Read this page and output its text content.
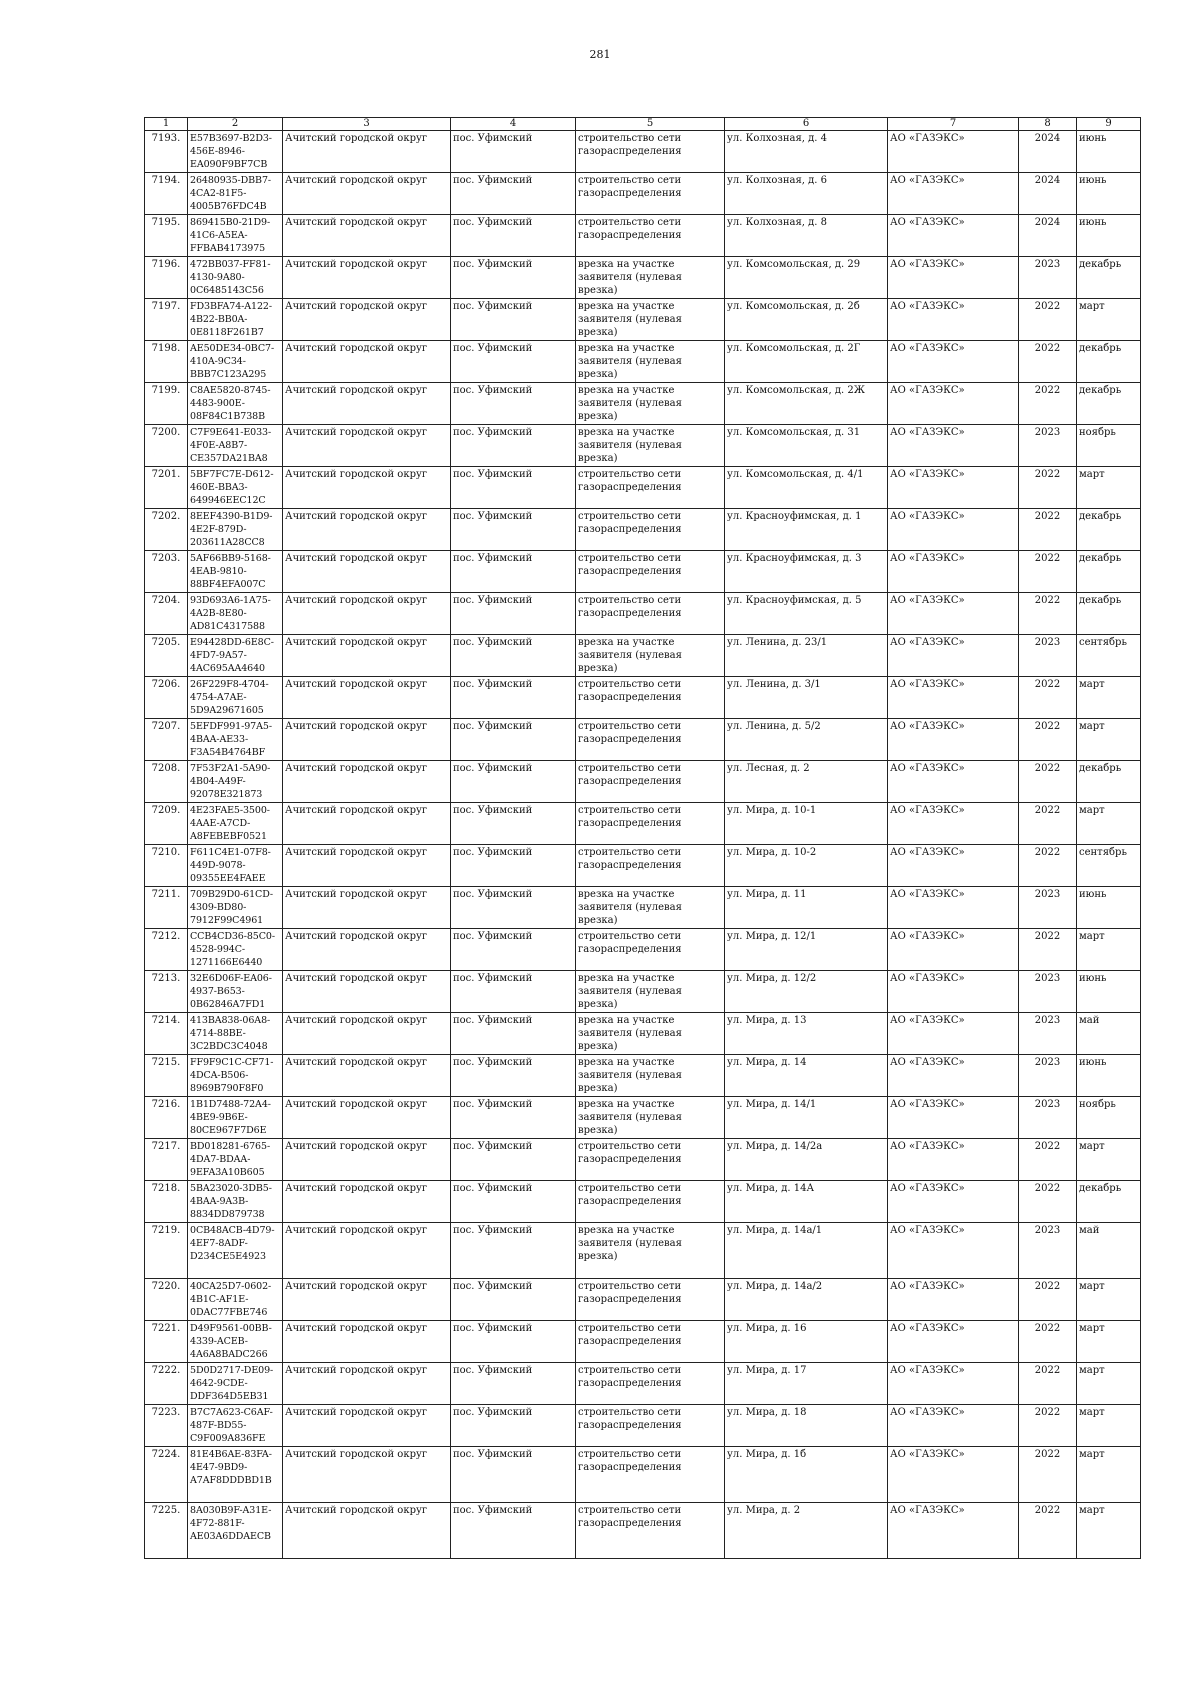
281
1	2	3	4	5	6	7	8	9
7193.	E57B3697-B2D3-456E-8946-EA090F9BF7CB	Ачитский городской округ	пос. Уфимский	строительство сети газораспределения	ул. Колхозная, д. 4	АО «ГАЗЭКС»	2024	июнь
7194.	26480935-DBB7-4CA2-81F5-4005B76FDC4B	Ачитский городской округ	пос. Уфимский	строительство сети газораспределения	ул. Колхозная, д. 6	АО «ГАЗЭКС»	2024	июнь
7195.	869415B0-21D9-41C6-A5EA-FFBAB4173975	Ачитский городской округ	пос. Уфимский	строительство сети газораспределения	ул. Колхозная, д. 8	АО «ГАЗЭКС»	2024	июнь
7196.	472BB037-FF81-4130-9A80-0C6485143C56	Ачитский городской округ	пос. Уфимский	врезка на участке заявителя (нулевая врезка)	ул. Комсомольская, д. 29	АО «ГАЗЭКС»	2023	декабрь
7197.	FD3BFA74-A122-4B22-BB0A-0E8118F261B7	Ачитский городской округ	пос. Уфимский	врезка на участке заявителя (нулевая врезка)	ул. Комсомольская, д. 2б	АО «ГАЗЭКС»	2022	март
7198.	AE50DE34-0BC7-410A-9C34-BBB7C123A295	Ачитский городской округ	пос. Уфимский	врезка на участке заявителя (нулевая врезка)	ул. Комсомольская, д. 2Г	АО «ГАЗЭКС»	2022	декабрь
7199.	C8AE5820-8745-4483-900E-08F84C1B738B	Ачитский городской округ	пос. Уфимский	врезка на участке заявителя (нулевая врезка)	ул. Комсомольская, д. 2Ж	АО «ГАЗЭКС»	2022	декабрь
7200.	C7F9E641-E033-4F0E-A8B7-CE357DA21BA8	Ачитский городской округ	пос. Уфимский	врезка на участке заявителя (нулевая врезка)	ул. Комсомольская, д. 31	АО «ГАЗЭКС»	2023	ноябрь
7201.	5BF7FC7E-D612-460E-BBA3-649946EEC12C	Ачитский городской округ	пос. Уфимский	строительство сети газораспределения	ул. Комсомольская, д. 4/1	АО «ГАЗЭКС»	2022	март
7202.	8EEF4390-B1D9-4E2F-879D-203611A28CC8	Ачитский городской округ	пос. Уфимский	строительство сети газораспределения	ул. Красноуфимская, д. 1	АО «ГАЗЭКС»	2022	декабрь
7203.	5AF66BB9-5168-4EAB-9810-88BF4EFA007C	Ачитский городской округ	пос. Уфимский	строительство сети газораспределения	ул. Красноуфимская, д. 3	АО «ГАЗЭКС»	2022	декабрь
7204.	93D693A6-1A75-4A2B-8E80-AD81C4317588	Ачитский городской округ	пос. Уфимский	строительство сети газораспределения	ул. Красноуфимская, д. 5	АО «ГАЗЭКС»	2022	декабрь
7205.	E94428DD-6E8C-4FD7-9A57-4AC695AA4640	Ачитский городской округ	пос. Уфимский	врезка на участке заявителя (нулевая врезка)	ул. Ленина, д. 23/1	АО «ГАЗЭКС»	2023	сентябрь
7206.	26F229F8-4704-4754-A7AE-5D9A29671605	Ачитский городской округ	пос. Уфимский	строительство сети газораспределения	ул. Ленина, д. 3/1	АО «ГАЗЭКС»	2022	март
7207.	5EFDF991-97A5-4BAA-AE33-F3A54B4764BF	Ачитский городской округ	пос. Уфимский	строительство сети газораспределения	ул. Ленина, д. 5/2	АО «ГАЗЭКС»	2022	март
7208.	7F53F2A1-5A90-4B04-A49F-92078E321873	Ачитский городской округ	пос. Уфимский	строительство сети газораспределения	ул. Лесная, д. 2	АО «ГАЗЭКС»	2022	декабрь
7209.	4E23FAE5-3500-4AAE-A7CD-A8FEBEBF0521	Ачитский городской округ	пос. Уфимский	строительство сети газораспределения	ул. Мира, д. 10-1	АО «ГАЗЭКС»	2022	март
7210.	F611C4E1-07F8-449D-9078-09355EE4FAEE	Ачитский городской округ	пос. Уфимский	строительство сети газораспределения	ул. Мира, д. 10-2	АО «ГАЗЭКС»	2022	сентябрь
7211.	709B29D0-61CD-4309-BD80-7912F99C4961	Ачитский городской округ	пос. Уфимский	врезка на участке заявителя (нулевая врезка)	ул. Мира, д. 11	АО «ГАЗЭКС»	2023	июнь
7212.	CCB4CD36-85C0-4528-994C-1271166E6440	Ачитский городской округ	пос. Уфимский	строительство сети газораспределения	ул. Мира, д. 12/1	АО «ГАЗЭКС»	2022	март
7213.	32E6D06F-EA06-4937-B653-0B62846A7FD1	Ачитский городской округ	пос. Уфимский	врезка на участке заявителя (нулевая врезка)	ул. Мира, д. 12/2	АО «ГАЗЭКС»	2023	июнь
7214.	413BA838-06A8-4714-88BE-3C2BDC3C4048	Ачитский городской округ	пос. Уфимский	врезка на участке заявителя (нулевая врезка)	ул. Мира, д. 13	АО «ГАЗЭКС»	2023	май
7215.	FF9F9C1C-CF71-4DCA-B506-8969B790F8F0	Ачитский городской округ	пос. Уфимский	врезка на участке заявителя (нулевая врезка)	ул. Мира, д. 14	АО «ГАЗЭКС»	2023	июнь
7216.	1B1D7488-72A4-4BE9-9B6E-80CE967F7D6E	Ачитский городской округ	пос. Уфимский	врезка на участке заявителя (нулевая врезка)	ул. Мира, д. 14/1	АО «ГАЗЭКС»	2023	ноябрь
7217.	BD018281-6765-4DA7-BDAA-9EFA3A10B605	Ачитский городской округ	пос. Уфимский	строительство сети газораспределения	ул. Мира, д. 14/2а	АО «ГАЗЭКС»	2022	март
7218.	5BA23020-3DB5-4BAA-9A3B-8834DD879738	Ачитский городской округ	пос. Уфимский	строительство сети газораспределения	ул. Мира, д. 14А	АО «ГАЗЭКС»	2022	декабрь
7219.	0CB48ACB-4D79-4EF7-8ADF-D234CE5E4923	Ачитский городской округ	пос. Уфимский	врезка на участке заявителя (нулевая врезка)	ул. Мира, д. 14а/1	АО «ГАЗЭКС»	2023	май
7220.	40CA25D7-0602-4B1C-AF1E-0DAC77FBE746	Ачитский городской округ	пос. Уфимский	строительство сети газораспределения	ул. Мира, д. 14а/2	АО «ГАЗЭКС»	2022	март
7221.	D49F9561-00BB-4339-ACEB-4A6A8BADC266	Ачитский городской округ	пос. Уфимский	строительство сети газораспределения	ул. Мира, д. 16	АО «ГАЗЭКС»	2022	март
7222.	5D0D2717-DE09-4642-9CDE-DDF364D5EB31	Ачитский городской округ	пос. Уфимский	строительство сети газораспределения	ул. Мира, д. 17	АО «ГАЗЭКС»	2022	март
7223.	B7C7A623-C6AF-487F-BD55-C9F009A836FE	Ачитский городской округ	пос. Уфимский	строительство сети газораспределения	ул. Мира, д. 18	АО «ГАЗЭКС»	2022	март
7224.	81E4B6AE-83FA-4E47-9BD9-A7AF8DDDBD1B	Ачитский городской округ	пос. Уфимский	строительство сети газораспределения	ул. Мира, д. 1б	АО «ГАЗЭКС»	2022	март
7225.	8A030B9F-A31E-4F72-881F-AE03A6DDAECB	Ачитский городской округ	пос. Уфимский	строительство сети газораспределения	ул. Мира, д. 2	АО «ГАЗЭКС»	2022	март
